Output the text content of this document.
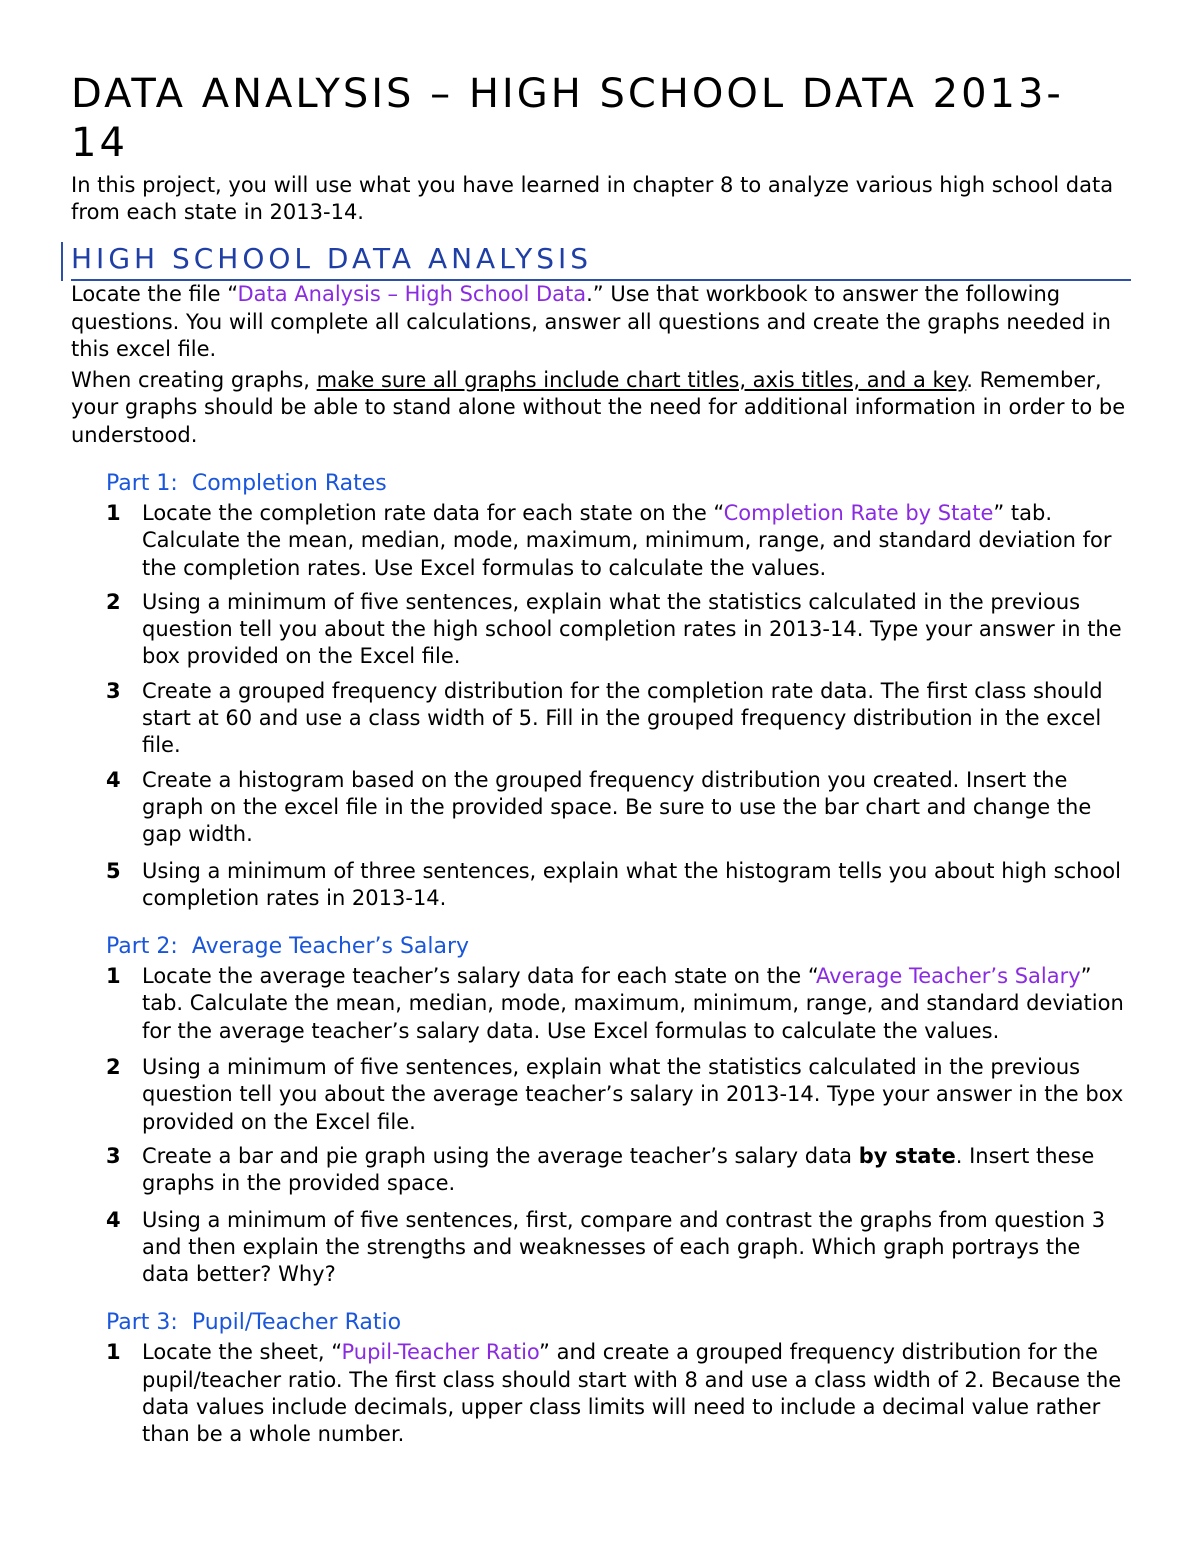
DATA ANALYSIS – HIGH SCHOOL DATA 2013- 14

In this project, you will use what you have learned in chapter 8 to analyze various high school data from each state in 2013-14.

HIGH SCHOOL DATA ANALYSIS

Locate the file “Data Analysis – High School Data.” Use that workbook to answer the following questions. You will complete all calculations, answer all questions and create the graphs needed in this excel file.

When creating graphs, make sure all graphs include chart titles, axis titles, and a key. Remember, your graphs should be able to stand alone without the need for additional information in order to be understood.

Part 1: Completion Rates
1 Locate the completion rate data for each state on the “Completion Rate by State” tab. Calculate the mean, median, mode, maximum, minimum, range, and standard deviation for the completion rates. Use Excel formulas to calculate the values.
2 Using a minimum of five sentences, explain what the statistics calculated in the previous question tell you about the high school completion rates in 2013-14. Type your answer in the box provided on the Excel file.
3 Create a grouped frequency distribution for the completion rate data. The first class should start at 60 and use a class width of 5. Fill in the grouped frequency distribution in the excel file.
4 Create a histogram based on the grouped frequency distribution you created. Insert the graph on the excel file in the provided space. Be sure to use the bar chart and change the gap width.
5 Using a minimum of three sentences, explain what the histogram tells you about high school completion rates in 2013-14.
Part 2: Average Teacher’s Salary
1 Locate the average teacher’s salary data for each state on the “Average Teacher’s Salary” tab. Calculate the mean, median, mode, maximum, minimum, range, and standard deviation for the average teacher’s salary data. Use Excel formulas to calculate the values.
2 Using a minimum of five sentences, explain what the statistics calculated in the previous question tell you about the average teacher’s salary in 2013-14. Type your answer in the box provided on the Excel file.
3 Create a bar and pie graph using the average teacher’s salary data by state. Insert these graphs in the provided space.
4 Using a minimum of five sentences, first, compare and contrast the graphs from question 3 and then explain the strengths and weaknesses of each graph. Which graph portrays the data better? Why?
Part 3: Pupil/Teacher Ratio
1 Locate the sheet, “Pupil-Teacher Ratio” and create a grouped frequency distribution for the pupil/teacher ratio. The first class should start with 8 and use a class width of 2. Because the data values include decimals, upper class limits will need to include a decimal value rather than be a whole number.
